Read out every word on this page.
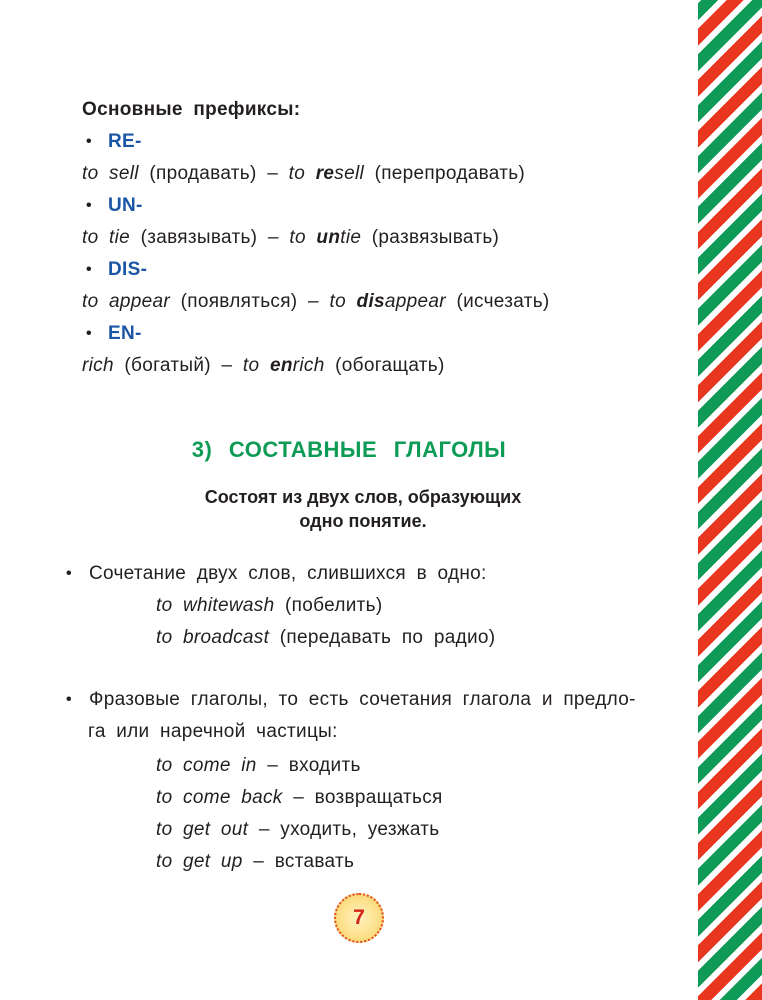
Основные префиксы:
• RE-
to sell (продавать) – to resell (перепродавать)
• UN-
to tie (завязывать) – to untie (развязывать)
• DIS-
to appear (появляться) – to disappear (исчезать)
• EN-
rich (богатый) – to enrich (обогащать)
3) СОСТАВНЫЕ ГЛАГОЛЫ
Состоят из двух слов, образующих
одно понятие.
• Сочетание двух слов, слившихся в одно:
to whitewash (побелить)
to broadcast (передавать по радио)
• Фразовые глаголы, то есть сочетания глагола и предло-
га или наречной частицы:
to come in – входить
to come back – возвращаться
to get out – уходить, уезжать
to get up – вставать
7
